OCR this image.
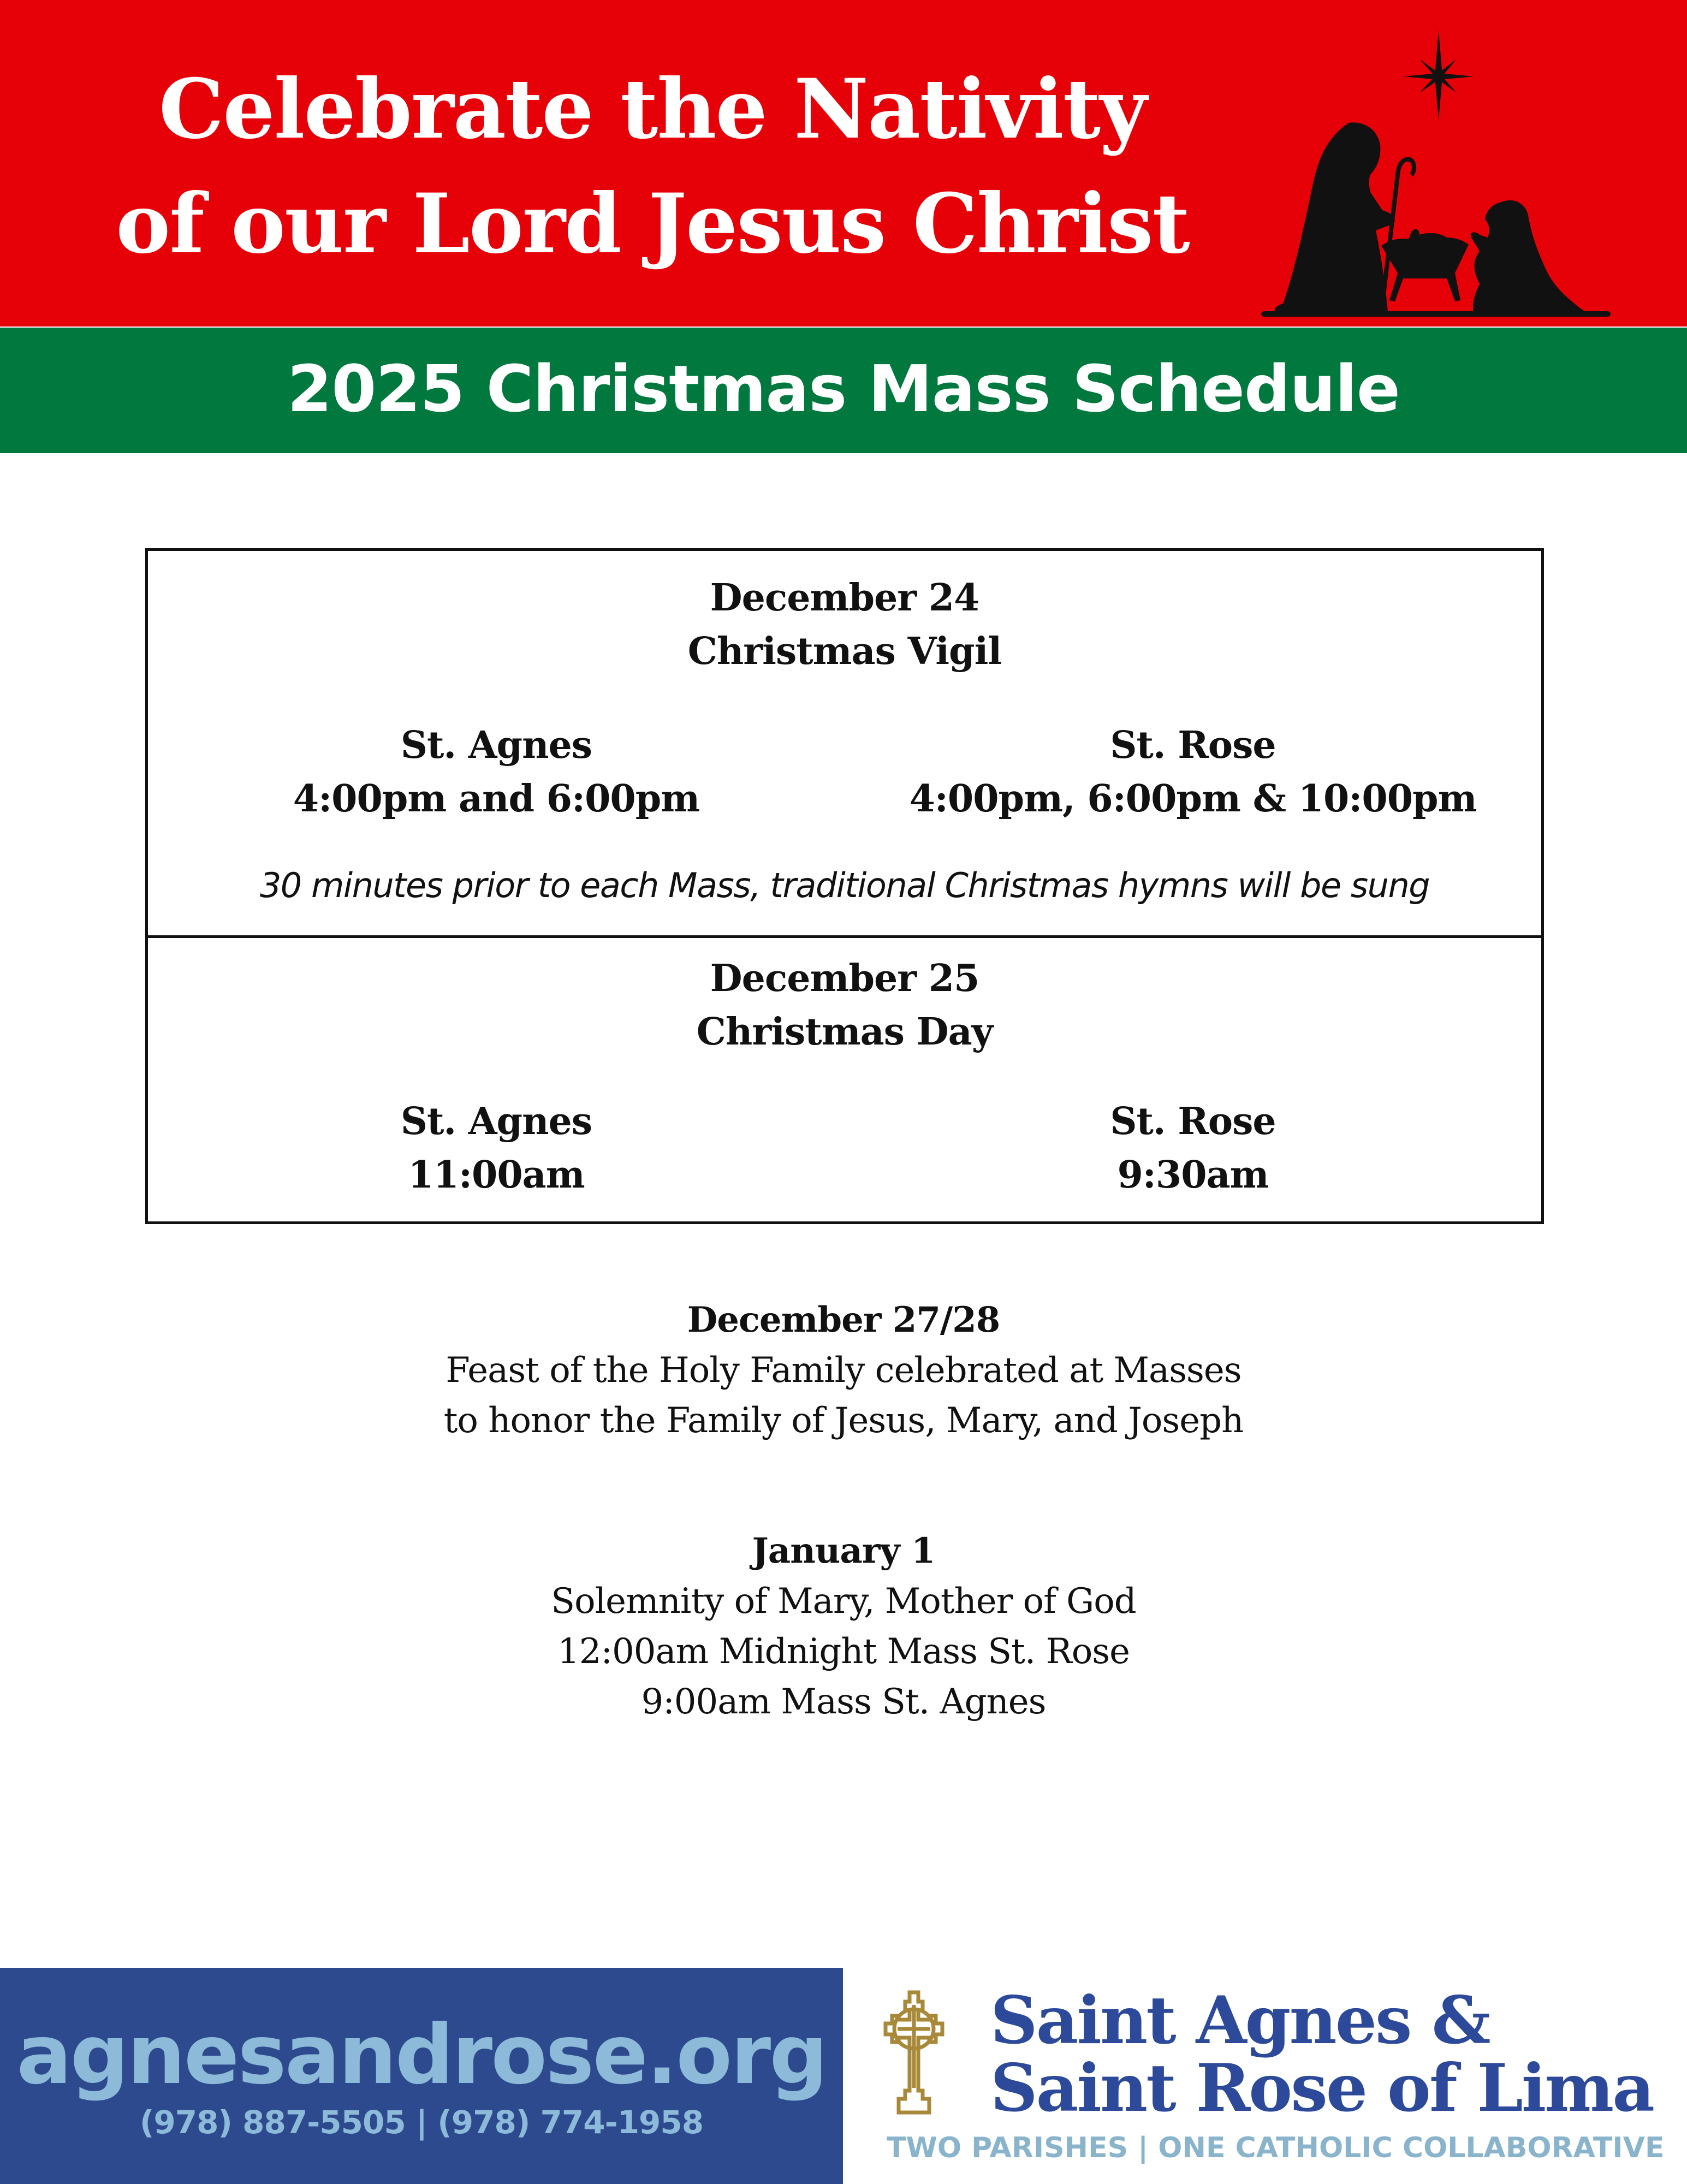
Celebrate the Nativity
of our Lord Jesus Christ
2025 Christmas Mass Schedule
December 24
Christmas Vigil
St. Agnes
4:00pm and 6:00pm
St. Rose
4:00pm, 6:00pm & 10:00pm
30 minutes prior to each Mass, traditional Christmas hymns will be sung
December 25
Christmas Day
St. Agnes
11:00am
St. Rose
9:30am
December 27/28
Feast of the Holy Family celebrated at Masses
to honor the Family of Jesus, Mary, and Joseph
January 1
Solemnity of Mary, Mother of God
12:00am Midnight Mass St. Rose
9:00am Mass St. Agnes
agnesandrose.org
(978) 887-5505 | (978) 774-1958
Saint Agnes &
Saint Rose of Lima
TWO PARISHES | ONE CATHOLIC COLLABORATIVE
